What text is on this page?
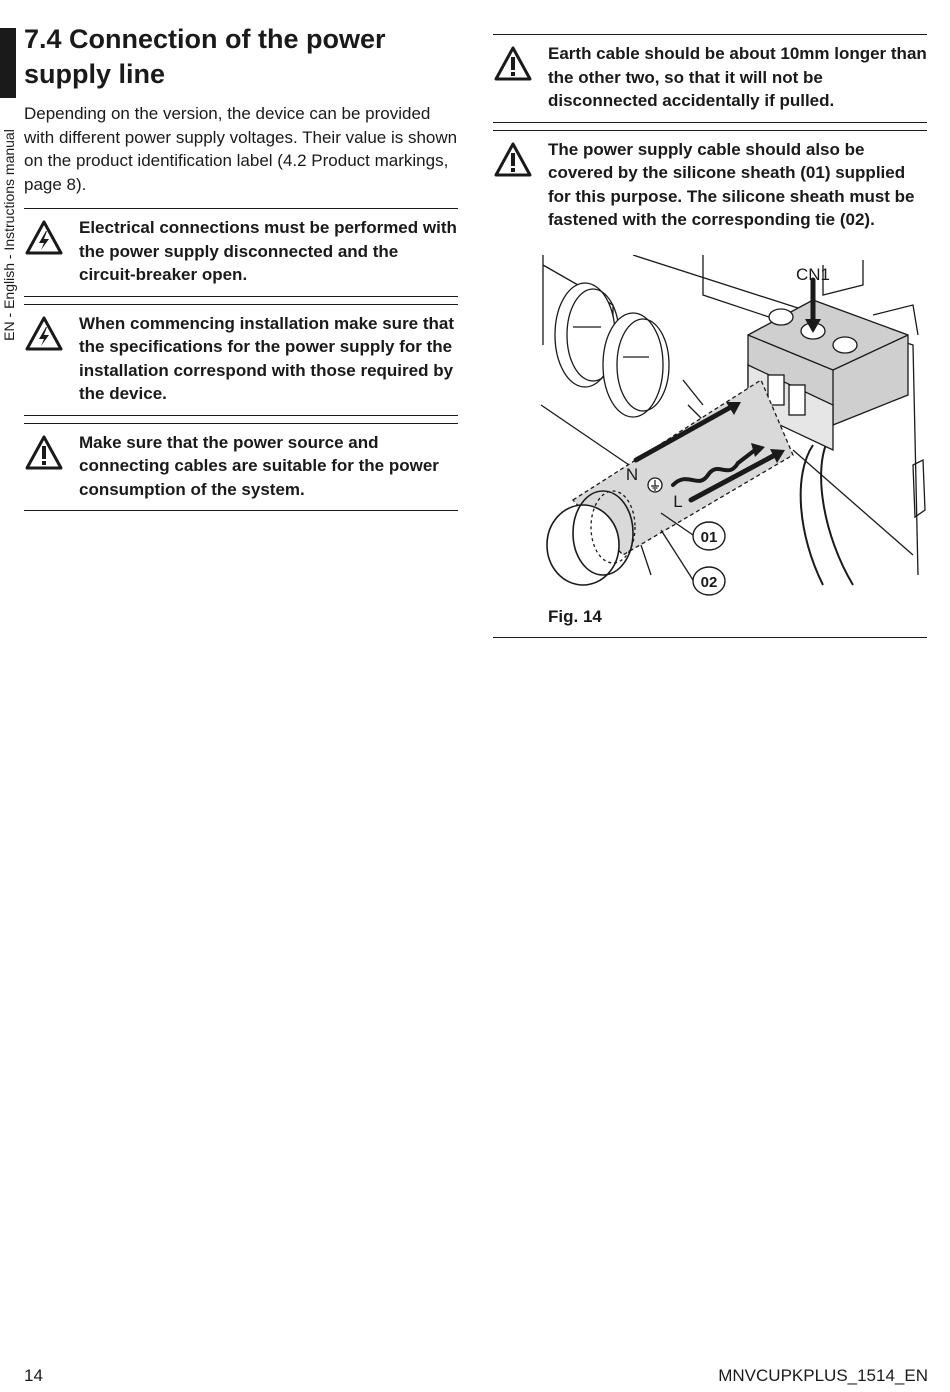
EN - English - Instructions manual
7.4 Connection of the power supply line

Depending on the version, the device can be provided with different power supply voltages. Their value is shown on the product identification label (4.2 Product markings, page 8).

Electrical connections must be performed with the power supply disconnected and the circuit-breaker open.
When commencing installation make sure that the specifications for the power supply for the installation correspond with those required by the device.
Make sure that the power source and connecting cables are suitable for the power consumption of the system.
Earth cable should be about 10mm longer than the other two, so that it will not be disconnected accidentally if pulled.
The power supply cable should also be covered by the silicone sheath (01) supplied for this purpose. The silicone sheath must be fastened with the corresponding tie (02).
CN1
N
L
01
02
Fig. 14
14	MNVCUPKPLUS_1514_EN
